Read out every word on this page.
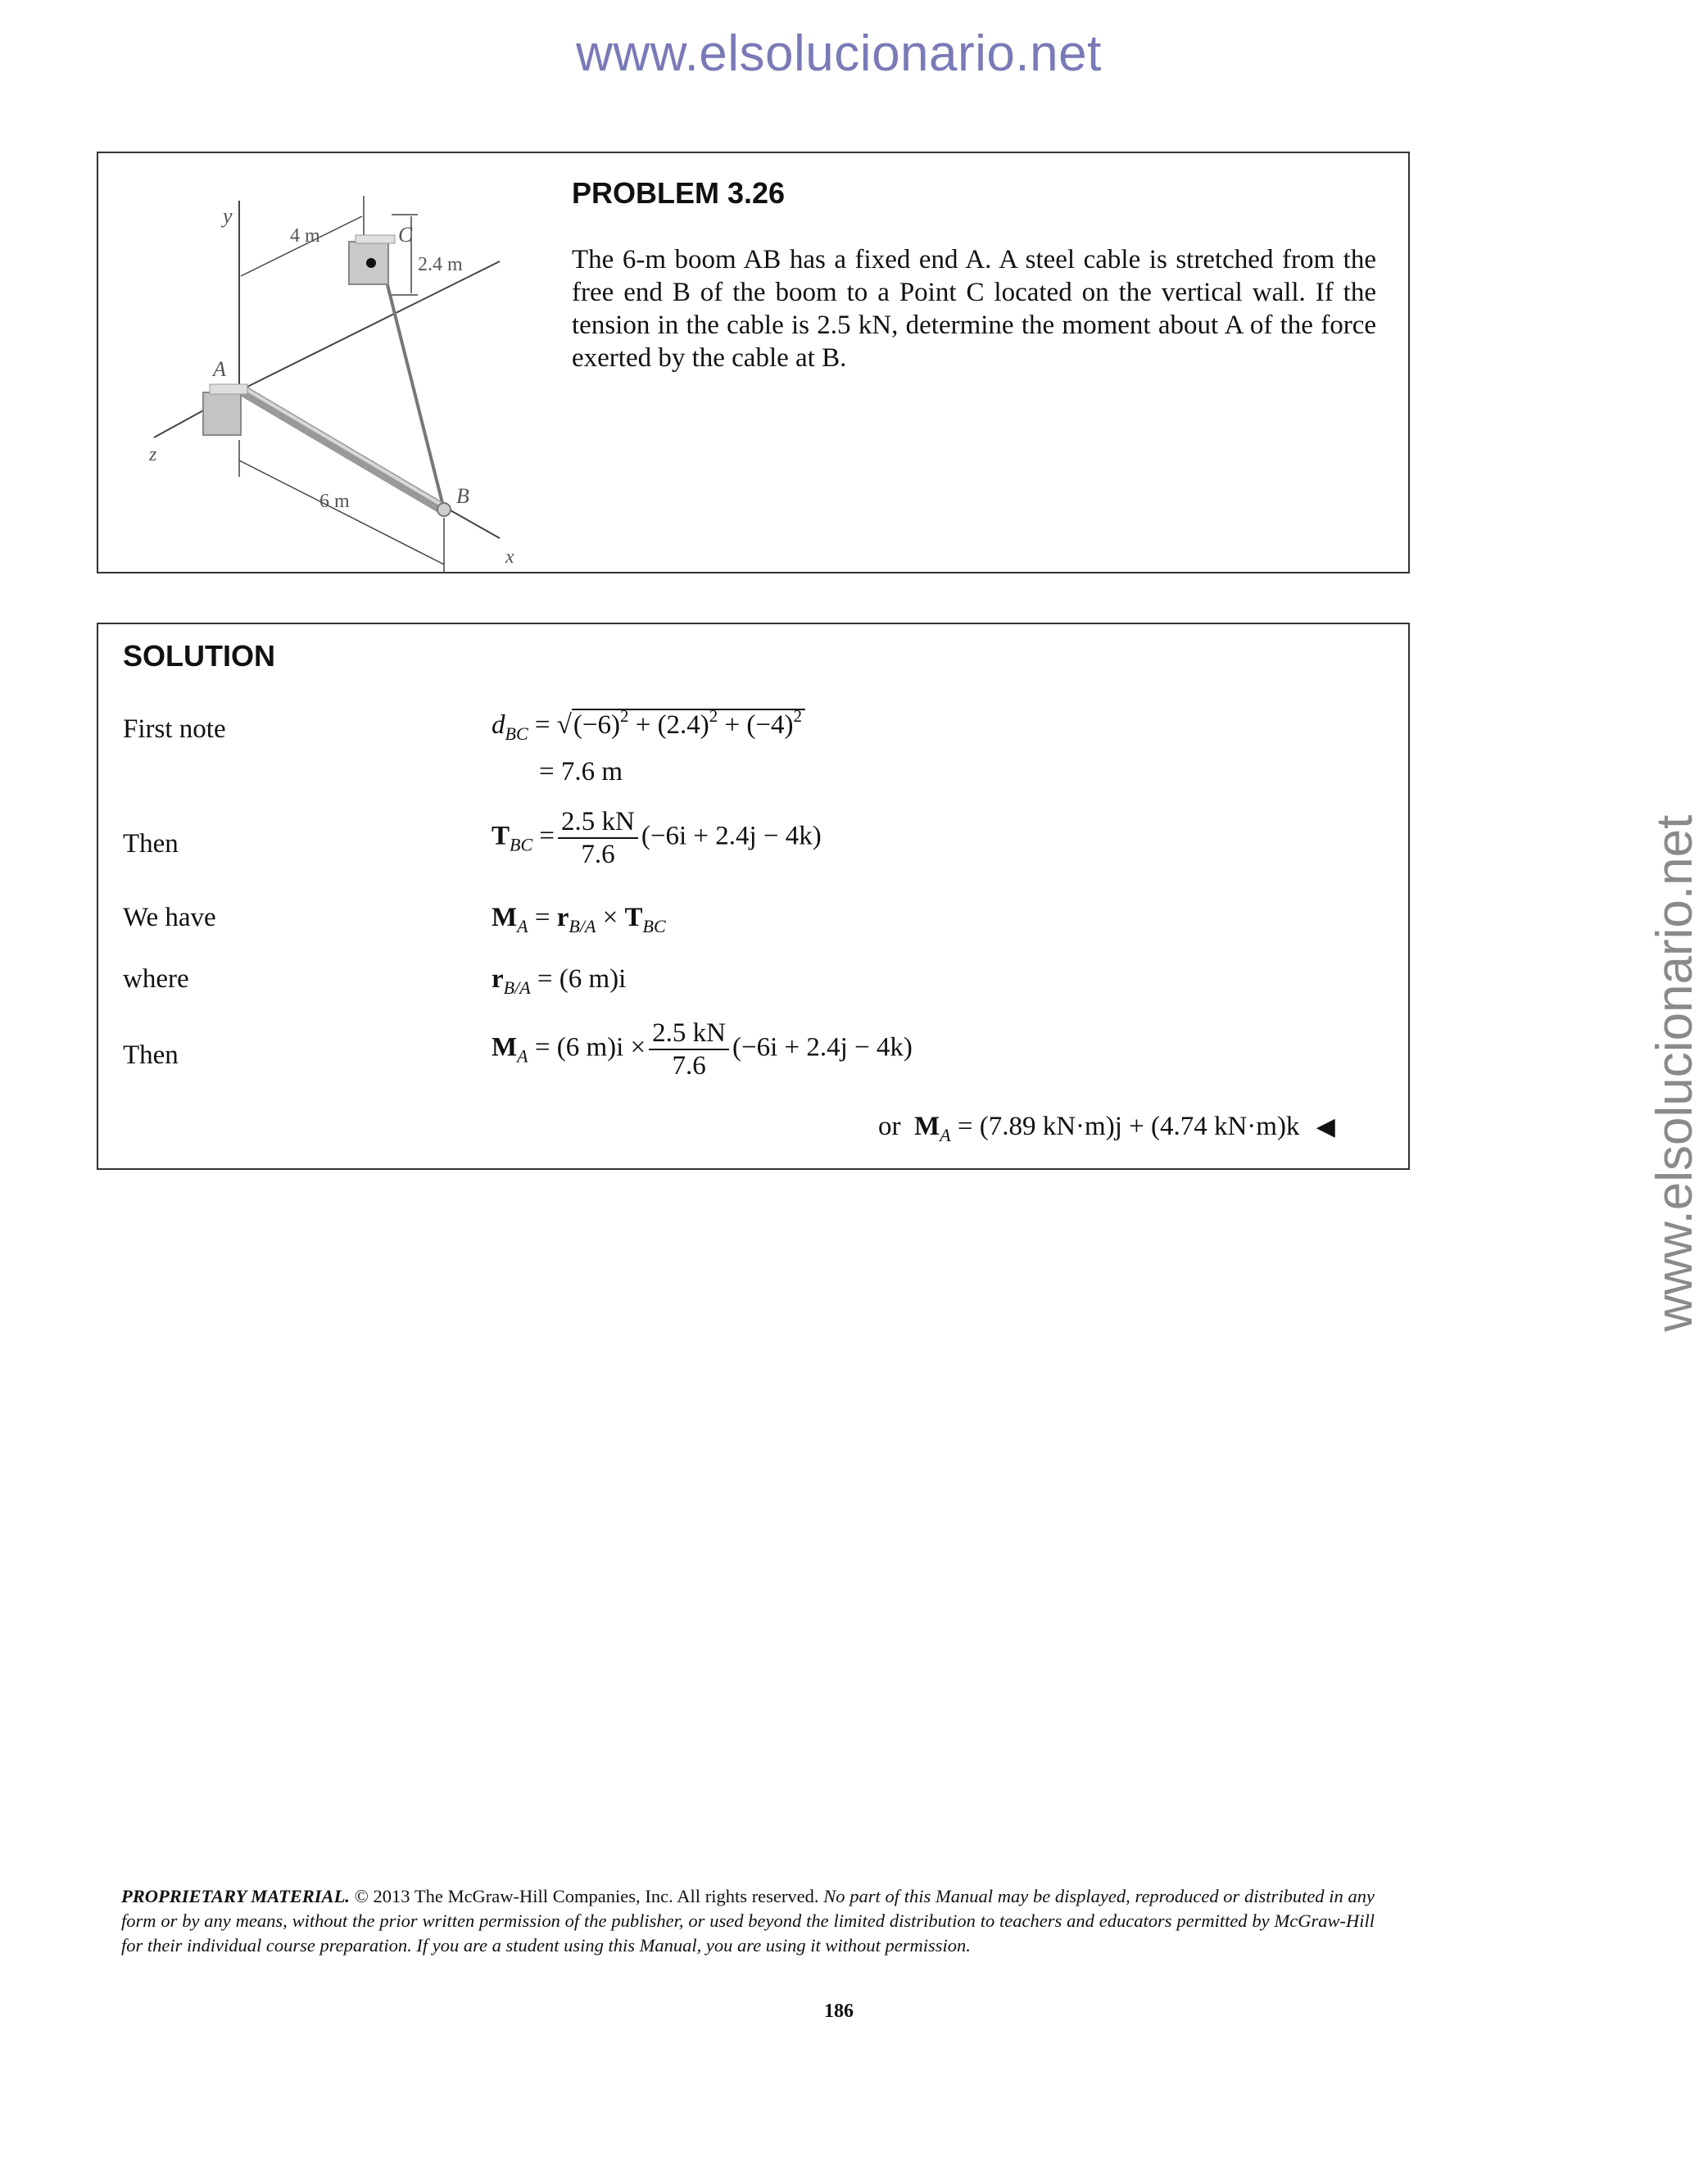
www.elsolucionario.net
www.elsolucionario.net
y
x
z
4 m
2.4 m
C
A
B
6 m
PROBLEM 3.26
The 6-m boom AB has a fixed end A. A steel cable is stretched from the free end B of the boom to a Point C located on the vertical wall. If the tension in the cable is 2.5 kN, determine the moment about A of the force exerted by the cable at B.
SOLUTION
First note	$d_{BC} = √(-6)^2 + (2.4)^2 + (-4)^2$
= 7.6 m
Then	$T_{BC} = \frac{2.5 kN}{7.6} (-6i + 2.4j - 4k)$
We have	$M_A = r_{B/A} \times T_{BC}$
where	$r_{B/A} = (6$ m)i
Then	$M_A = (6$ $m)i \times \frac{2.5 kN}{7.6} (-6i + 2.4j - 4k)$
or $M_A = (7.89$ kN·m)j + (4.74 kN·m)k ◀
PROPRIETARY MATERIAL. © 2013 The McGraw-Hill Companies, Inc. All rights reserved. No part of this Manual may be displayed, reproduced or distributed in any form or by any means, without the prior written permission of the publisher, or used beyond the limited distribution to teachers and educators permitted by McGraw-Hill for their individual course preparation. If you are a student using this Manual, you are using it without permission.
186
